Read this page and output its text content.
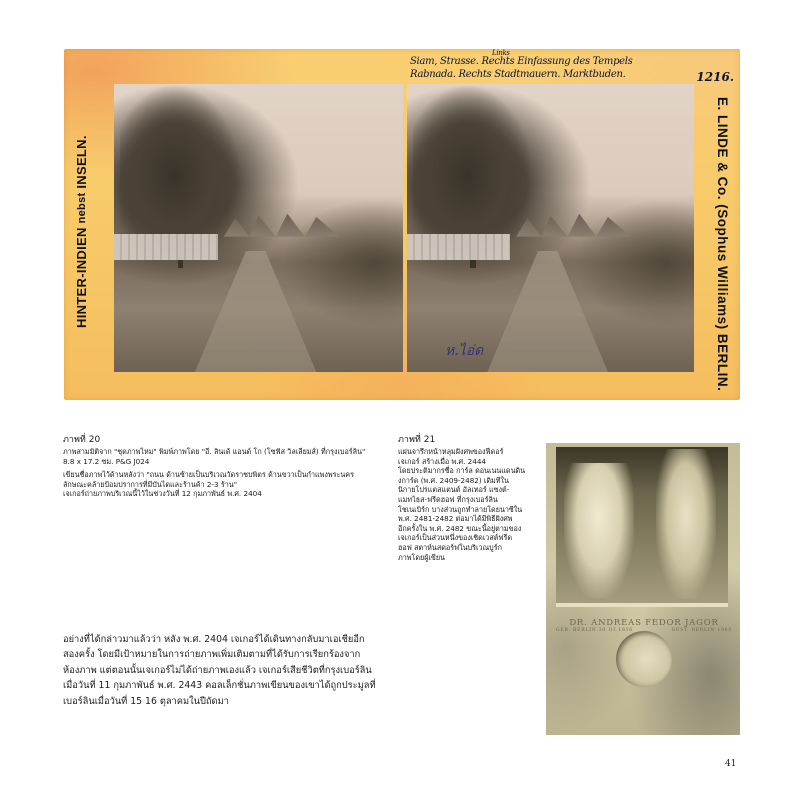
HINTER-INDIEN nebst INSELN.
Links
Siam, Strasse. Rechts Einfassung des Tempels
Rabnada. Rechts Stadtmauern. Marktbuden.	1216.
ห.ไอ่ด	E. LINDE & Co. (Sophus Williams) BERLIN.

ภาพที่ 20

ภาพสามมิติจาก "ชุดภาพไหม" พิมพ์ภาพโดย "อี. ลินเด้ แอนด์ โก (โซฟัส วิลเลียมส์) ที่กรุงเบอร์ลิน"

8.8 x 17.2 ซม. P&G J024

เขียนชื่อภาพไว้ด้านหลังว่า "ถนน ด้านซ้ายเป็นบริเวณวัดราชบพิตร ด้านขวาเป็นกำแพงพระนคร

ลักษณะคล้ายป้อมปราการที่มีบันไดและร้านค้า 2-3 ร้าน"

เจเกอร์ถ่ายภาพบริเวณนี้ไว้ในช่วงวันที่ 12 กุมภาพันธ์ พ.ศ. 2404

ภาพที่ 21

แผ่นจารึกหน้าหลุมฝังศพของฟีดอร์

เจเกอร์ สร้างเมื่อ พ.ศ. 2444

โดยประติมากรชื่อ การ์ล ดอนเนนแดนดิน

งการ์ด (พ.ศ. 2409-2482) เดิมทีใน

นิกายโปรแตสแตนต์ อัลเทอร์ แซงต์-

แมทไธส-ฟรีดฮอฟ ที่กรุงเบอร์ลิน

โชเนเบิร์ก บางส่วนถูกทำลายโดยนาซีใน

พ.ศ. 2481-2482 ต่อมาได้มีพิธีฝังศพ

อีกครั้งใน พ.ศ. 2482 ขณะนี้อยู่ตามของ

เจเกอร์เป็นส่วนหนึ่งของเชิดเวสต์ฟรีด

ฮอฟ สตาห์นสดอร์ฟในบริเวณบูร์ก

ภาพโดยผู้เขียน

อย่างที่ได้กล่าวมาแล้วว่า หลัง พ.ศ. 2404 เจเกอร์ได้เดินทางกลับมาเอเชียอีก

สองครั้ง โดยมีเป้าหมายในการถ่ายภาพเพิ่มเติมตามที่ได้รับการเรียกร้องจาก

ห้องภาพ แต่ตอนนั้นเจเกอร์ไม่ได้ถ่ายภาพเองแล้ว เจเกอร์เสียชีวิตที่กรุงเบอร์ลิน

เมื่อวันที่ 11 กุมภาพันธ์ พ.ศ. 2443 คอลเล็กชั่นภาพเขียนของเขาได้ถูกประมูลที่

เบอร์ลินเมื่อวันที่ 15 16 ตุลาคมในปีถัดมา

DR. ANDREAS FEDOR JAGOR
GEB. BERLIN 30.III.1816	GEST. BERLIN 1900
41
